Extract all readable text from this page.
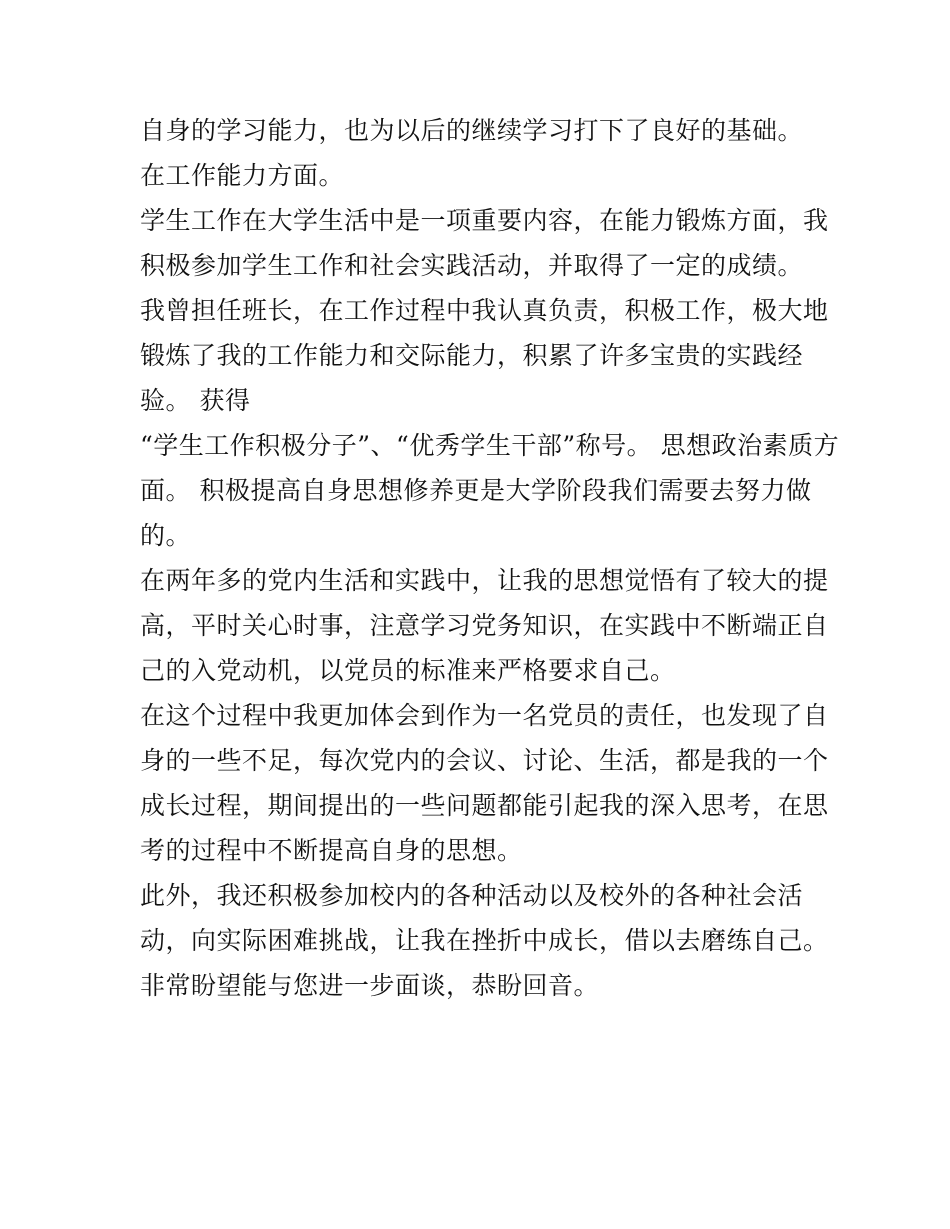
自身的学习能力，也为以后的继续学习打下了良好的基础。
在工作能力方面。
学生工作在大学生活中是一项重要内容，在能力锻炼方面，我
积极参加学生工作和社会实践活动，并取得了一定的成绩。
我曾担任班长，在工作过程中我认真负责，积极工作，极大地
锻炼了我的工作能力和交际能力，积累了许多宝贵的实践经
验。 获得
“学生工作积极分子”、“优秀学生干部”称号。 思想政治素质方
面。 积极提高自身思想修养更是大学阶段我们需要去努力做
的。
在两年多的党内生活和实践中，让我的思想觉悟有了较大的提
高，平时关心时事，注意学习党务知识，在实践中不断端正自
己的入党动机，以党员的标准来严格要求自己。
在这个过程中我更加体会到作为一名党员的责任，也发现了自
身的一些不足，每次党内的会议、讨论、生活，都是我的一个
成长过程，期间提出的一些问题都能引起我的深入思考，在思
考的过程中不断提高自身的思想。
此外，我还积极参加校内的各种活动以及校外的各种社会活
动，向实际困难挑战，让我在挫折中成长，借以去磨练自己。
非常盼望能与您进一步面谈，恭盼回音。
